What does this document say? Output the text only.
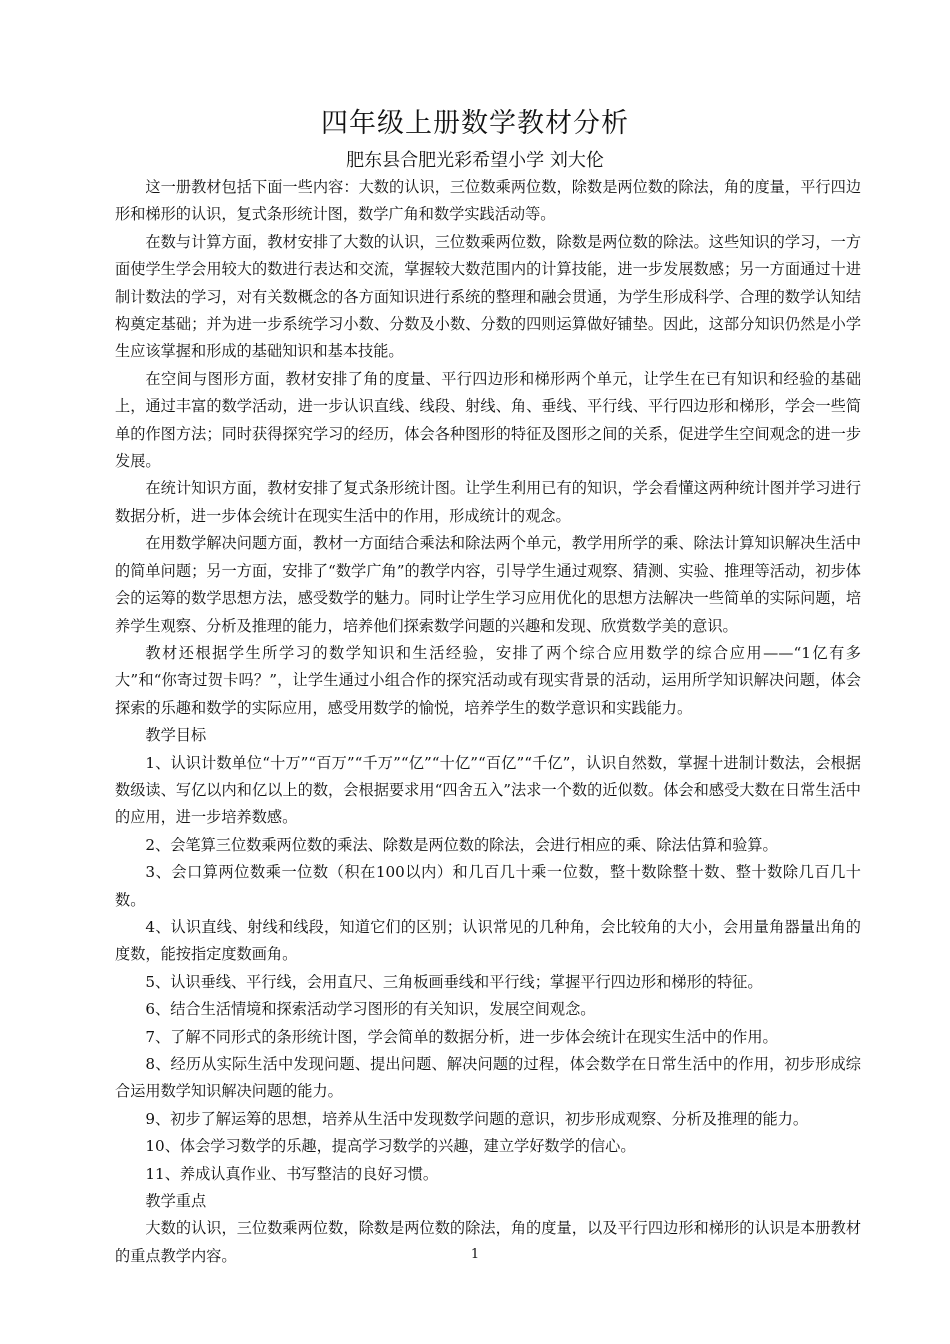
四年级上册数学教材分析
肥东县合肥光彩希望小学 刘大伦

这一册教材包括下面一些内容：大数的认识，三位数乘两位数，除数是两位数的除法，角的度量，平行四边形和梯形的认识，复式条形统计图，数学广角和数学实践活动等。

在数与计算方面，教材安排了大数的认识，三位数乘两位数，除数是两位数的除法。这些知识的学习，一方面使学生学会用较大的数进行表达和交流，掌握较大数范围内的计算技能，进一步发展数感；另一方面通过十进制计数法的学习，对有关数概念的各方面知识进行系统的整理和融会贯通，为学生形成科学、合理的数学认知结构奠定基础；并为进一步系统学习小数、分数及小数、分数的四则运算做好铺垫。因此，这部分知识仍然是小学生应该掌握和形成的基础知识和基本技能。

在空间与图形方面，教材安排了角的度量、平行四边形和梯形两个单元，让学生在已有知识和经验的基础上，通过丰富的数学活动，进一步认识直线、线段、射线、角、垂线、平行线、平行四边形和梯形，学会一些简单的作图方法；同时获得探究学习的经历，体会各种图形的特征及图形之间的关系，促进学生空间观念的进一步发展。

在统计知识方面，教材安排了复式条形统计图。让学生利用已有的知识，学会看懂这两种统计图并学习进行数据分析，进一步体会统计在现实生活中的作用，形成统计的观念。

在用数学解决问题方面，教材一方面结合乘法和除法两个单元，教学用所学的乘、除法计算知识解决生活中的简单问题；另一方面，安排了“数学广角”的教学内容，引导学生通过观察、猜测、实验、推理等活动，初步体会的运筹的数学思想方法，感受数学的魅力。同时让学生学习应用优化的思想方法解决一些简单的实际问题，培养学生观察、分析及推理的能力，培养他们探索数学问题的兴趣和发现、欣赏数学美的意识。

教材还根据学生所学习的数学知识和生活经验，安排了两个综合应用数学的综合应用——“1亿有多大”和“你寄过贺卡吗？”，让学生通过小组合作的探究活动或有现实背景的活动，运用所学知识解决问题，体会探索的乐趣和数学的实际应用，感受用数学的愉悦，培养学生的数学意识和实践能力。

教学目标

1、认识计数单位“十万”“百万”“千万”“亿”“十亿”“百亿”“千亿”，认识自然数，掌握十进制计数法，会根据数级读、写亿以内和亿以上的数，会根据要求用“四舍五入”法求一个数的近似数。体会和感受大数在日常生活中的应用，进一步培养数感。

2、会笔算三位数乘两位数的乘法、除数是两位数的除法，会进行相应的乘、除法估算和验算。

3、会口算两位数乘一位数（积在100以内）和几百几十乘一位数，整十数除整十数、整十数除几百几十数。

4、认识直线、射线和线段，知道它们的区别；认识常见的几种角，会比较角的大小，会用量角器量出角的度数，能按指定度数画角。

5、认识垂线、平行线，会用直尺、三角板画垂线和平行线；掌握平行四边形和梯形的特征。

6、结合生活情境和探索活动学习图形的有关知识，发展空间观念。

7、了解不同形式的条形统计图，学会简单的数据分析，进一步体会统计在现实生活中的作用。

8、经历从实际生活中发现问题、提出问题、解决问题的过程，体会数学在日常生活中的作用，初步形成综合运用数学知识解决问题的能力。

9、初步了解运筹的思想，培养从生活中发现数学问题的意识，初步形成观察、分析及推理的能力。

10、体会学习数学的乐趣，提高学习数学的兴趣，建立学好数学的信心。

11、养成认真作业、书写整洁的良好习惯。

教学重点

大数的认识，三位数乘两位数，除数是两位数的除法，角的度量，以及平行四边形和梯形的认识是本册教材的重点教学内容。	1
